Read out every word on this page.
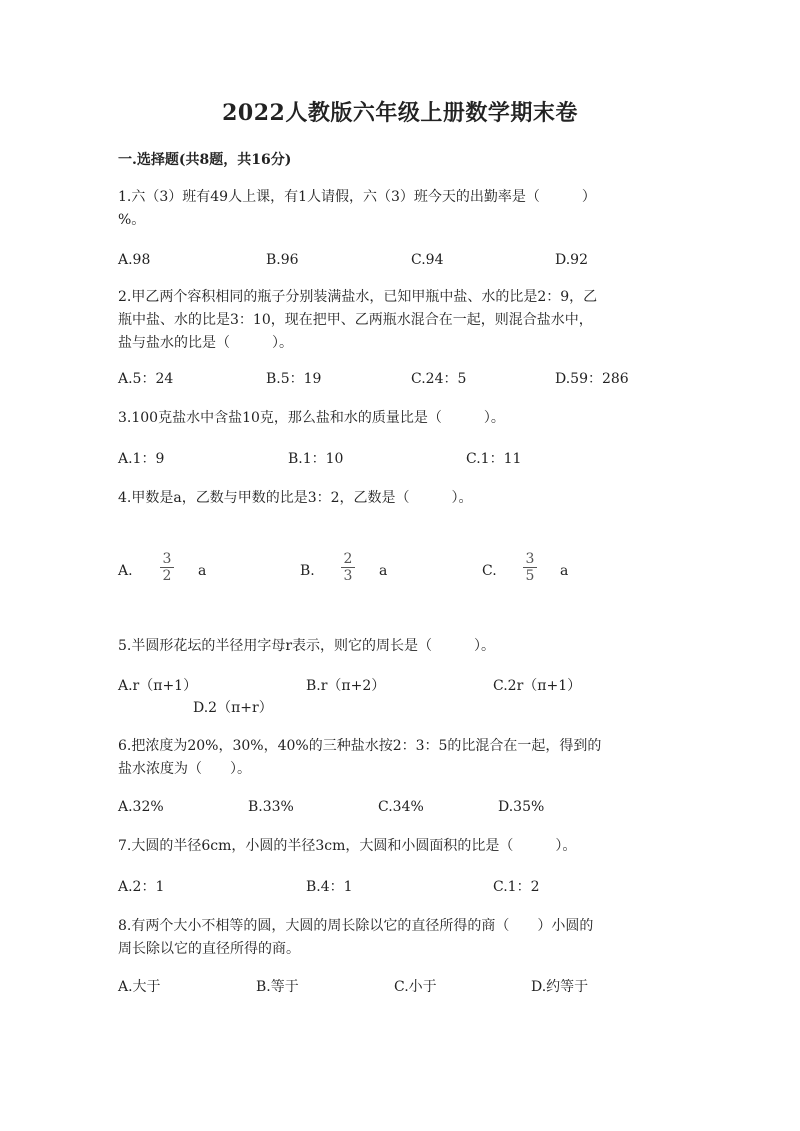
2022人教版六年级上册数学期末卷
一.选择题(共8题，共16分)
1.六（3）班有49人上课，有1人请假，六（3）班今天的出勤率是（　　　）
%。
A.98	B.96	C.94	D.92
2.甲乙两个容积相同的瓶子分别装满盐水，已知甲瓶中盐、水的比是2：9，乙
瓶中盐、水的比是3：10，现在把甲、乙两瓶水混合在一起，则混合盐水中，
盐与盐水的比是（　　　）。
A.5：24	B.5：19	C.24：5	D.59：286
3.100克盐水中含盐10克，那么盐和水的质量比是（　　　）。
A.1：9	B.1：10	C.1：11
4.甲数是a，乙数与甲数的比是3：2，乙数是（　　　）。
A. $\frac{3}{2}$ a	B. $\frac{2}{3}$ a	C. $\frac{3}{5}$ a
5.半圆形花坛的半径用字母r表示，则它的周长是（　　　）。
A.r（π+1）	B.r（π+2）	C.2r（π+1）
D.2（π+r）
6.把浓度为20%，30%，40%的三种盐水按2：3：5的比混合在一起，得到的
盐水浓度为（　　）。
A.32%	B.33%	C.34%	D.35%
7.大圆的半径6cm，小圆的半径3cm，大圆和小圆面积的比是（　　　）。
A.2：1	B.4：1	C.1：2
8.有两个大小不相等的圆，大圆的周长除以它的直径所得的商（　　）小圆的
周长除以它的直径所得的商。
A.大于	B.等于	C.小于	D.约等于
